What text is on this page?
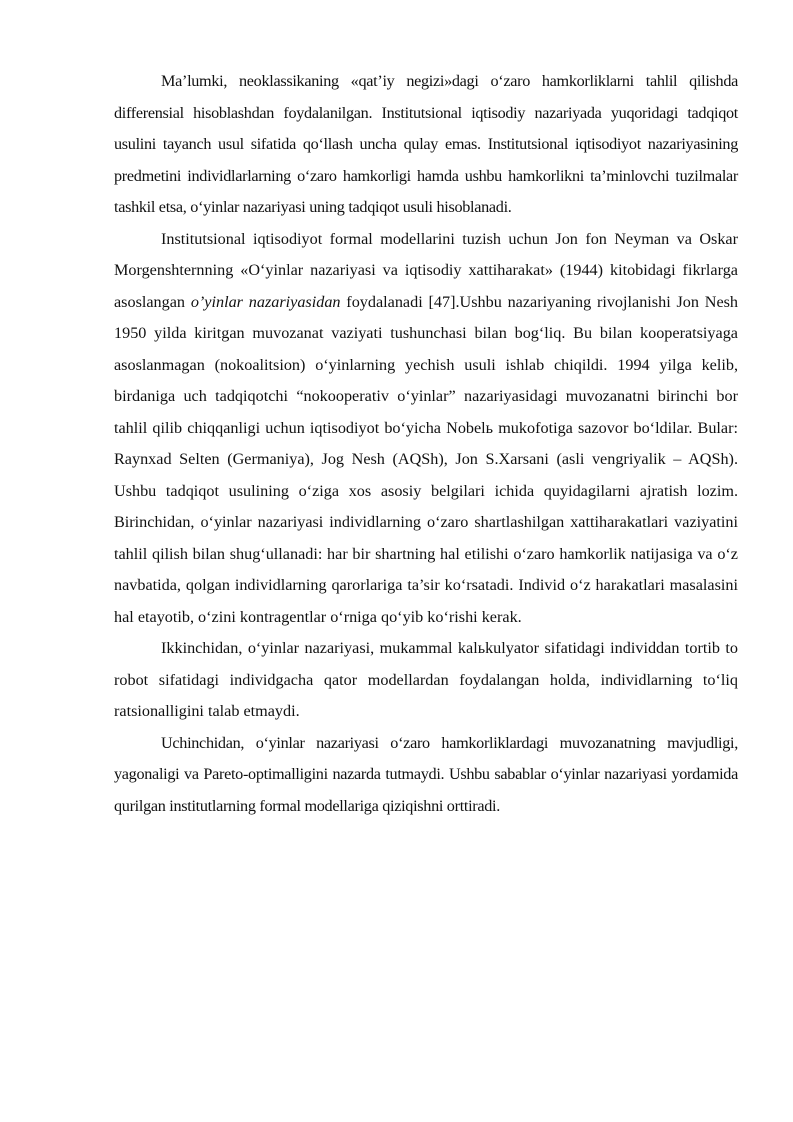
Ma’lumki, neoklassikaning «qat’iy negizi»dagi o‘zaro hamkorliklarni tahlil qilishda differensial hisoblashdan foydalanilgan. Institutsional iqtisodiy nazariyada yuqoridagi tadqiqot usulini tayanch usul sifatida qo‘llash uncha qulay emas. Institutsional iqtisodiyot nazariyasining predmetini individlarlarning o‘zaro hamkorligi hamda ushbu hamkorlikni ta’minlovchi tuzilmalar tashkil etsa, o‘yinlar nazariyasi uning tadqiqot usuli hisoblanadi.

Institutsional iqtisodiyot formal modellarini tuzish uchun Jon fon Neyman va Oskar Morgenshternning «O‘yinlar nazariyasi va iqtisodiy xattiharakat» (1944) kitobidagi fikrlarga asoslangan o’yinlar nazariyasidan foydalanadi [47].Ushbu nazariyaning rivojlanishi Jon Nesh 1950 yilda kiritgan muvozanat vaziyati tushunchasi bilan bog‘liq. Bu bilan kooperatsiyaga asoslanmagan (nokoalitsion) o‘yinlarning yechish usuli ishlab chiqildi. 1994 yilga kelib, birdaniga uch tadqiqotchi “nokooperativ o‘yinlar” nazariyasidagi muvozanatni birinchi bor tahlil qilib chiqqanligi uchun iqtisodiyot bo‘yicha Nobelь mukofotiga sazovor bo‘ldilar. Bular: Raynxad Selten (Germaniya), Jog Nesh (AQSh), Jon S.Xarsani (asli vengriyalik – AQSh). Ushbu tadqiqot usulining o‘ziga xos asosiy belgilari ichida quyidagilarni ajratish lozim. Birinchidan, o‘yinlar nazariyasi individlarning o‘zaro shartlashilgan xattiharakatlari vaziyatini tahlil qilish bilan shug‘ullanadi: har bir shartning hal etilishi o‘zaro hamkorlik natijasiga va o‘z navbatida, qolgan individlarning qarorlariga ta’sir ko‘rsatadi. Individ o‘z harakatlari masalasini hal etayotib, o‘zini kontragentlar o‘rniga qo‘yib ko‘rishi kerak.

Ikkinchidan, o‘yinlar nazariyasi, mukammal kalьkulyator sifatidagi individdan tortib to robot sifatidagi individgacha qator modellardan foydalangan holda, individlarning to‘liq ratsionalligini talab etmaydi.

Uchinchidan, o‘yinlar nazariyasi o‘zaro hamkorliklardagi muvozanatning mavjudligi, yagonaligi va Pareto-optimalligini nazarda tutmaydi. Ushbu sabablar o‘yinlar nazariyasi yordamida qurilgan institutlarning formal modellariga qiziqishni orttiradi.
